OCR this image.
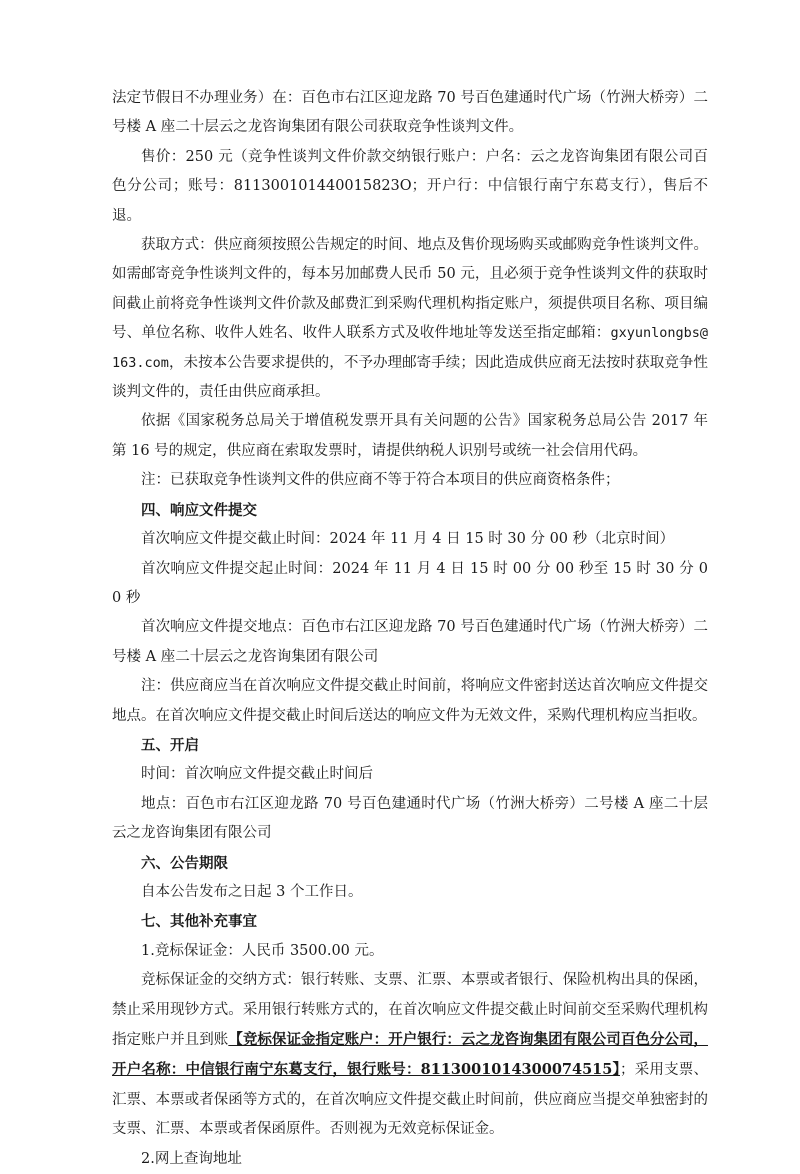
法定节假日不办理业务）在：百色市右江区迎龙路 70 号百色建通时代广场（竹洲大桥旁）二号楼 A 座二十层云之龙咨询集团有限公司获取竞争性谈判文件。

售价：250 元（竞争性谈判文件价款交纳银行账户：户名：云之龙咨询集团有限公司百色分公司；账号：811300101440015823O；开户行：中信银行南宁东葛支行），售后不退。

获取方式：供应商须按照公告规定的时间、地点及售价现场购买或邮购竞争性谈判文件。如需邮寄竞争性谈判文件的，每本另加邮费人民币 50 元，且必须于竞争性谈判文件的获取时间截止前将竞争性谈判文件价款及邮费汇到采购代理机构指定账户，须提供项目名称、项目编号、单位名称、收件人姓名、收件人联系方式及收件地址等发送至指定邮箱：gxyunlongbs@163.com，未按本公告要求提供的，不予办理邮寄手续；因此造成供应商无法按时获取竞争性谈判文件的，责任由供应商承担。

依据《国家税务总局关于增值税发票开具有关问题的公告》国家税务总局公告 2017 年第 16 号的规定，供应商在索取发票时，请提供纳税人识别号或统一社会信用代码。

注：已获取竞争性谈判文件的供应商不等于符合本项目的供应商资格条件；

四、响应文件提交

首次响应文件提交截止时间：2024 年 11 月 4 日 15 时 30 分 00 秒（北京时间）

首次响应文件提交起止时间：2024 年 11 月 4 日 15 时 00 分 00 秒至 15 时 30 分 00 秒

首次响应文件提交地点：百色市右江区迎龙路 70 号百色建通时代广场（竹洲大桥旁）二号楼 A 座二十层云之龙咨询集团有限公司

注：供应商应当在首次响应文件提交截止时间前，将响应文件密封送达首次响应文件提交地点。在首次响应文件提交截止时间后送达的响应文件为无效文件，采购代理机构应当拒收。

五、开启

时间：首次响应文件提交截止时间后

地点：百色市右江区迎龙路 70 号百色建通时代广场（竹洲大桥旁）二号楼 A 座二十层云之龙咨询集团有限公司

六、公告期限

自本公告发布之日起 3 个工作日。

七、其他补充事宜

1.竞标保证金：人民币 3500.00 元。

竞标保证金的交纳方式：银行转账、支票、汇票、本票或者银行、保险机构出具的保函，禁止采用现钞方式。采用银行转账方式的，在首次响应文件提交截止时间前交至采购代理机构指定账户并且到账【竞标保证金指定账户：开户银行：云之龙咨询集团有限公司百色分公司，开户名称：中信银行南宁东葛支行，银行账号：8113001014300074515】；采用支票、汇票、本票或者保函等方式的，在首次响应文件提交截止时间前，供应商应当提交单独密封的支票、汇票、本票或者保函原件。否则视为无效竞标保证金。

2.网上查询地址
